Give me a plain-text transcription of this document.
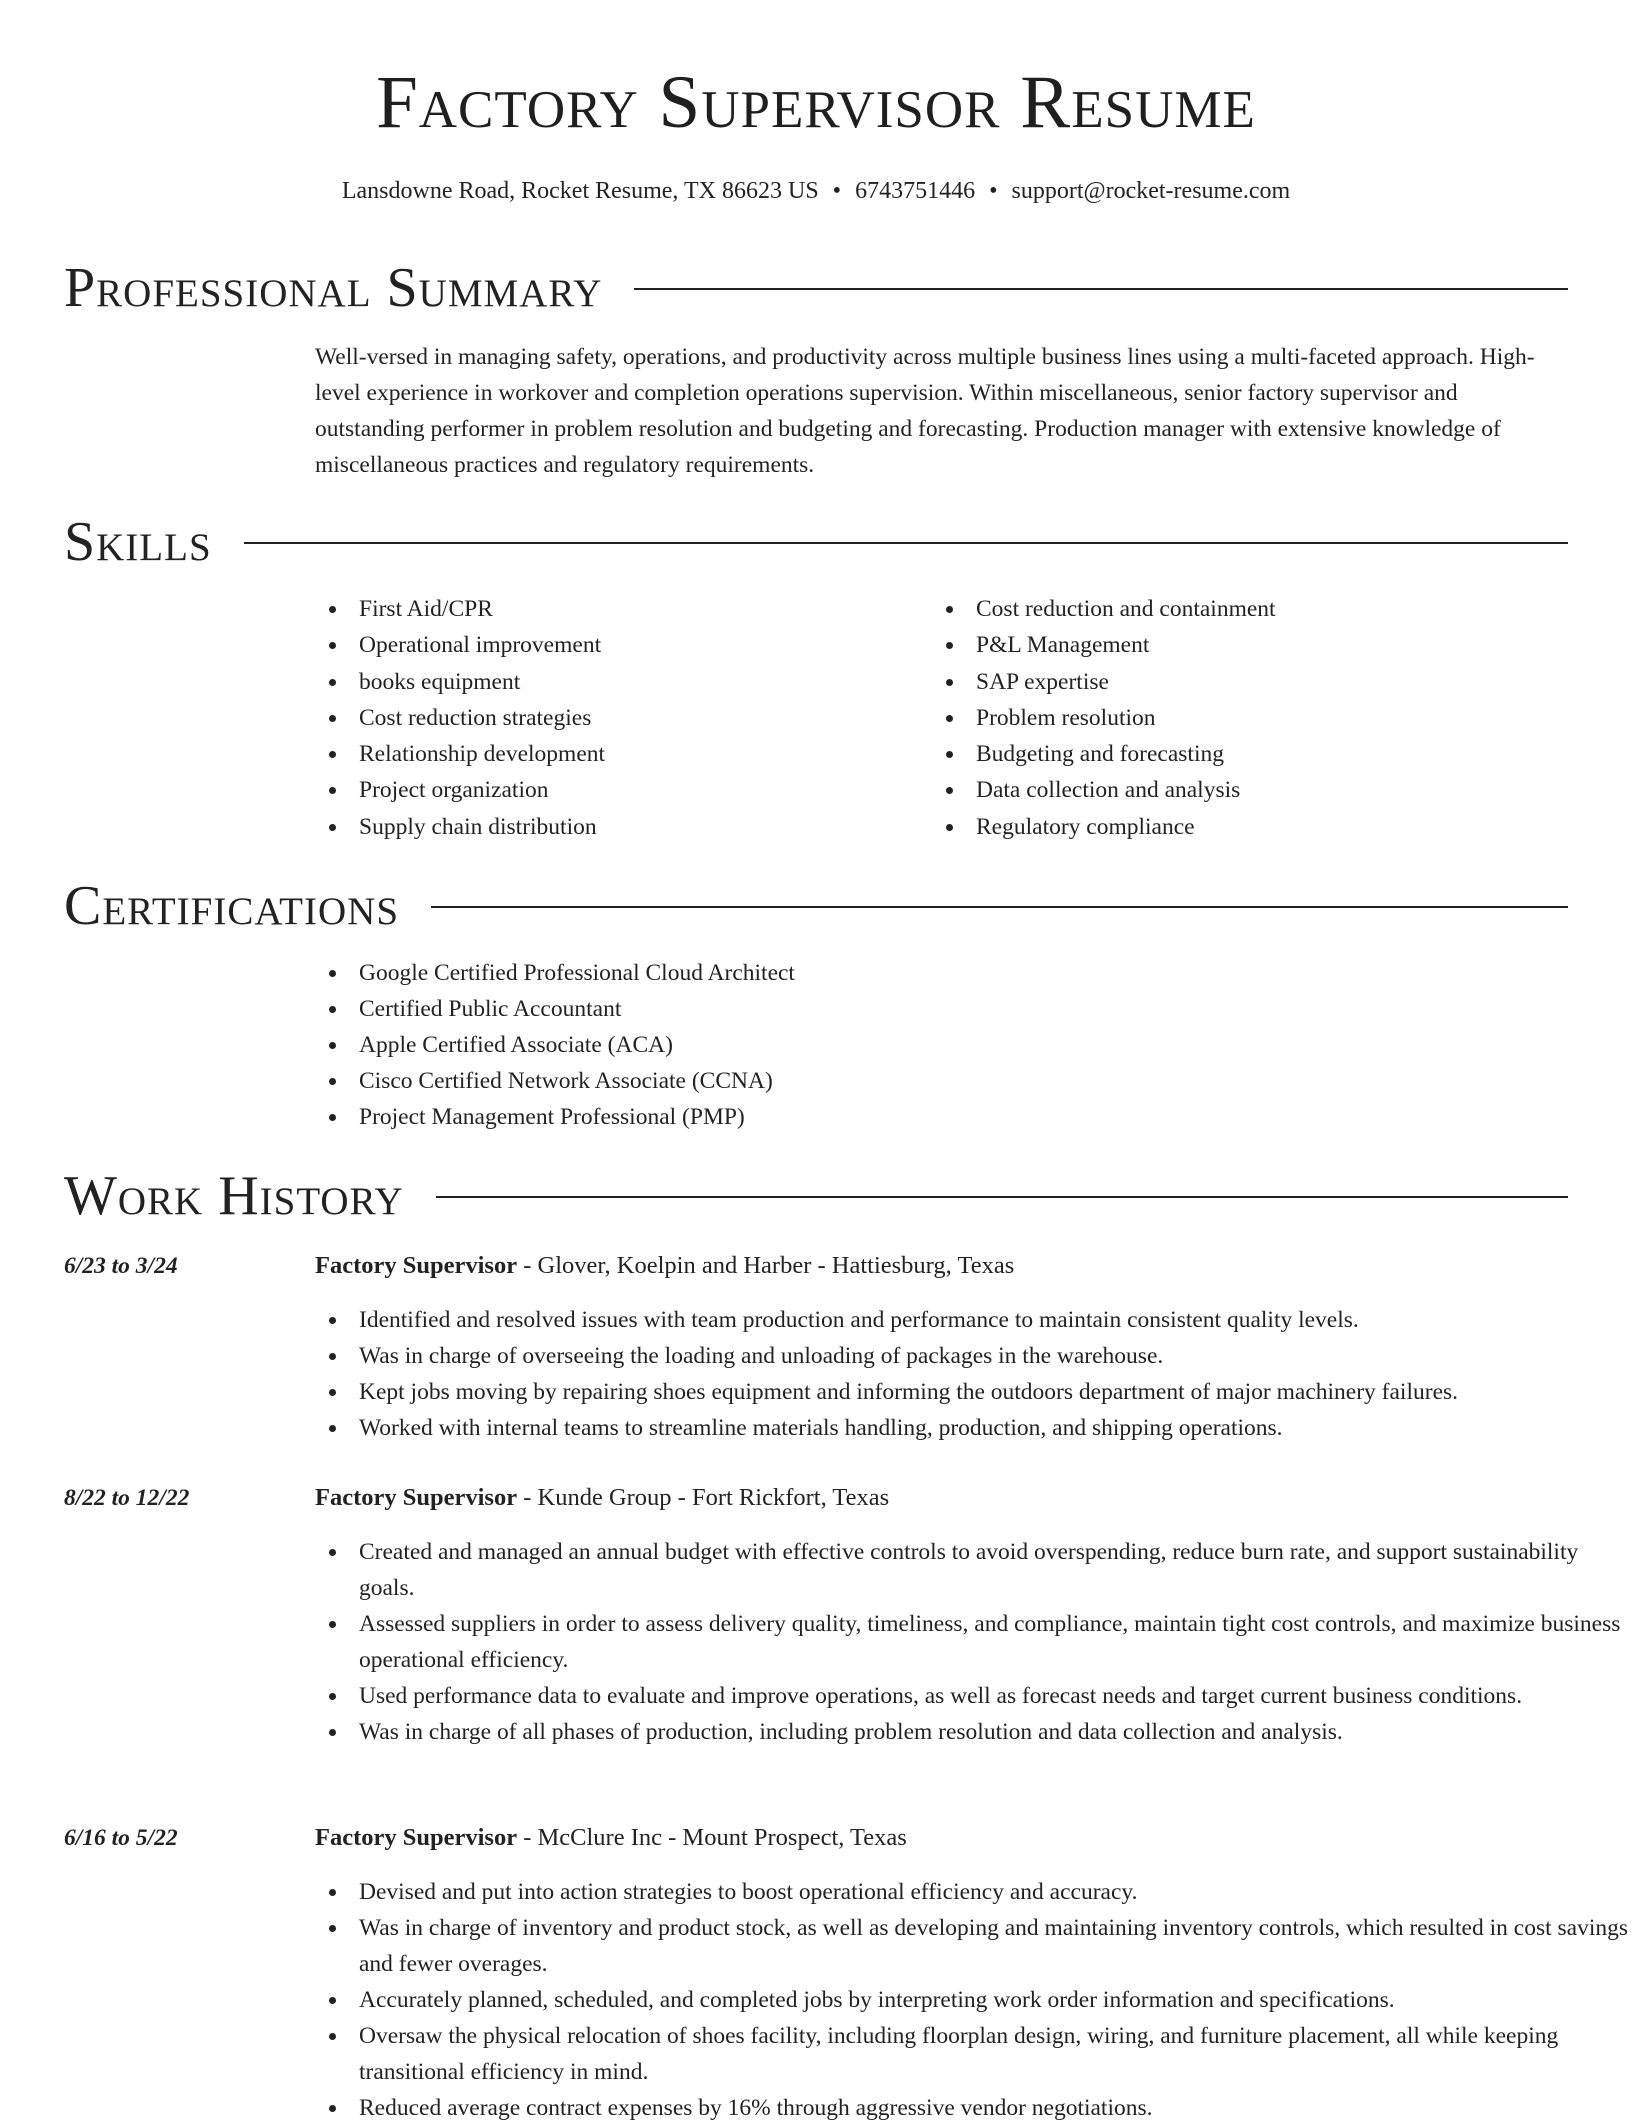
Factory Supervisor Resume
Lansdowne Road, Rocket Resume, TX 86623 US • 6743751446 • support@rocket-resume.com
Professional Summary

Well-versed in managing safety, operations, and productivity across multiple business lines using a multi-faceted approach. High-level experience in workover and completion operations supervision. Within miscellaneous, senior factory supervisor and outstanding performer in problem resolution and budgeting and forecasting. Production manager with extensive knowledge of miscellaneous practices and regulatory requirements.

Skills
First Aid/CPR
Operational improvement
books equipment
Cost reduction strategies
Relationship development
Project organization
Supply chain distribution
Cost reduction and containment
P&L Management
SAP expertise
Problem resolution
Budgeting and forecasting
Data collection and analysis
Regulatory compliance
Certifications
Google Certified Professional Cloud Architect
Certified Public Accountant
Apple Certified Associate (ACA)
Cisco Certified Network Associate (CCNA)
Project Management Professional (PMP)
Work History
6/23 to 3/24	Factory Supervisor - Glover, Koelpin and Harber - Hattiesburg, Texas
Identified and resolved issues with team production and performance to maintain consistent quality levels.
Was in charge of overseeing the loading and unloading of packages in the warehouse.
Kept jobs moving by repairing shoes equipment and informing the outdoors department of major machinery failures.
Worked with internal teams to streamline materials handling, production, and shipping operations.
8/22 to 12/22	Factory Supervisor - Kunde Group - Fort Rickfort, Texas
Created and managed an annual budget with effective controls to avoid overspending, reduce burn rate, and support sustainability goals.
Assessed suppliers in order to assess delivery quality, timeliness, and compliance, maintain tight cost controls, and maximize business operational efficiency.
Used performance data to evaluate and improve operations, as well as forecast needs and target current business conditions.
Was in charge of all phases of production, including problem resolution and data collection and analysis.
6/16 to 5/22	Factory Supervisor - McClure Inc - Mount Prospect, Texas
Devised and put into action strategies to boost operational efficiency and accuracy.
Was in charge of inventory and product stock, as well as developing and maintaining inventory controls, which resulted in cost savings and fewer overages.
Accurately planned, scheduled, and completed jobs by interpreting work order information and specifications.
Oversaw the physical relocation of shoes facility, including floorplan design, wiring, and furniture placement, all while keeping transitional efficiency in mind.
Reduced average contract expenses by 16% through aggressive vendor negotiations.
